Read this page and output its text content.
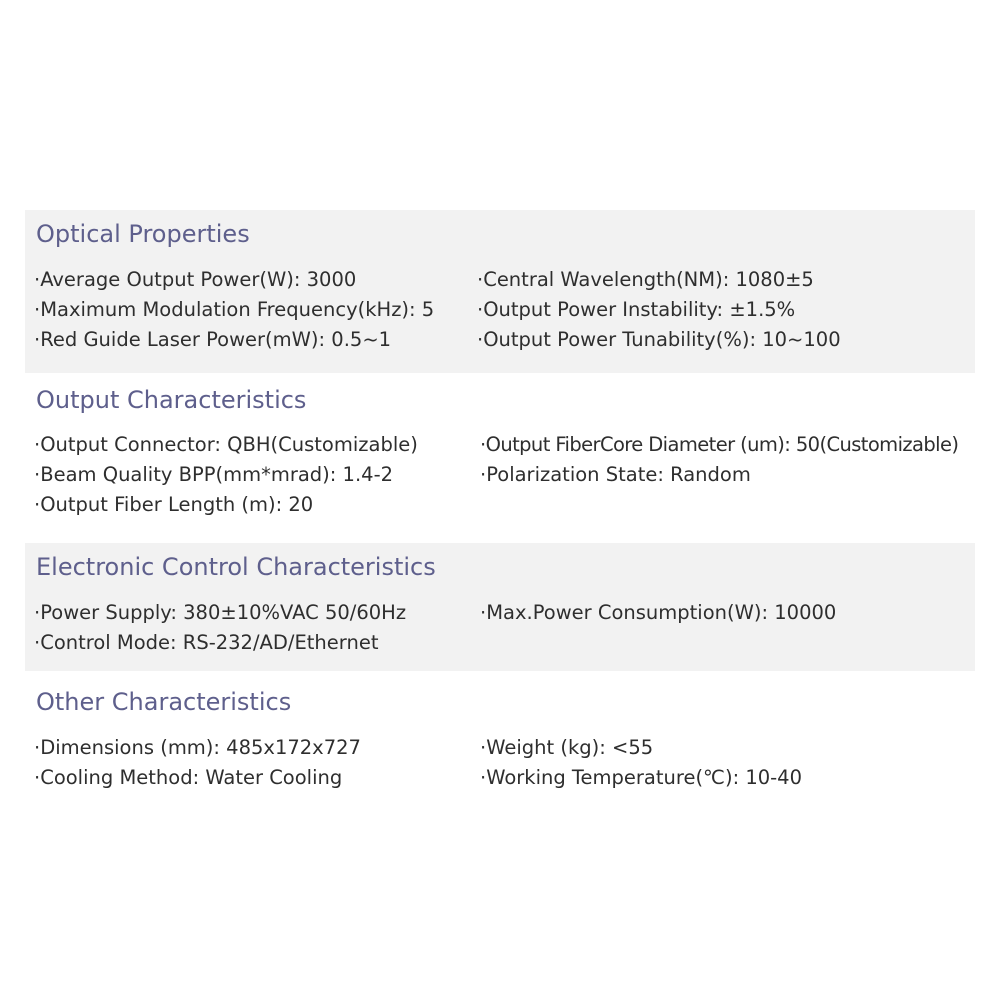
Optical Properties

·Average Output Power(W): 3000

·Maximum Modulation Frequency(kHz): 5

·Red Guide Laser Power(mW): 0.5~1

·Central Wavelength(NM): 1080±5

·Output Power Instability: ±1.5%

·Output Power Tunability(%): 10~100

Output Characteristics

·Output Connector: QBH(Customizable)

·Beam Quality BPP(mm*mrad): 1.4-2

·Output Fiber Length (m): 20

·Output FiberCore Diameter (um): 50(Customizable)

·Polarization State: Random

Electronic Control Characteristics

·Power Supply: 380±10%VAC 50/60Hz

·Control Mode: RS-232/AD/Ethernet

·Max.Power Consumption(W): 10000

Other Characteristics

·Dimensions (mm): 485x172x727

·Cooling Method: Water Cooling

·Weight (kg): <55

·Working Temperature(℃): 10-40
